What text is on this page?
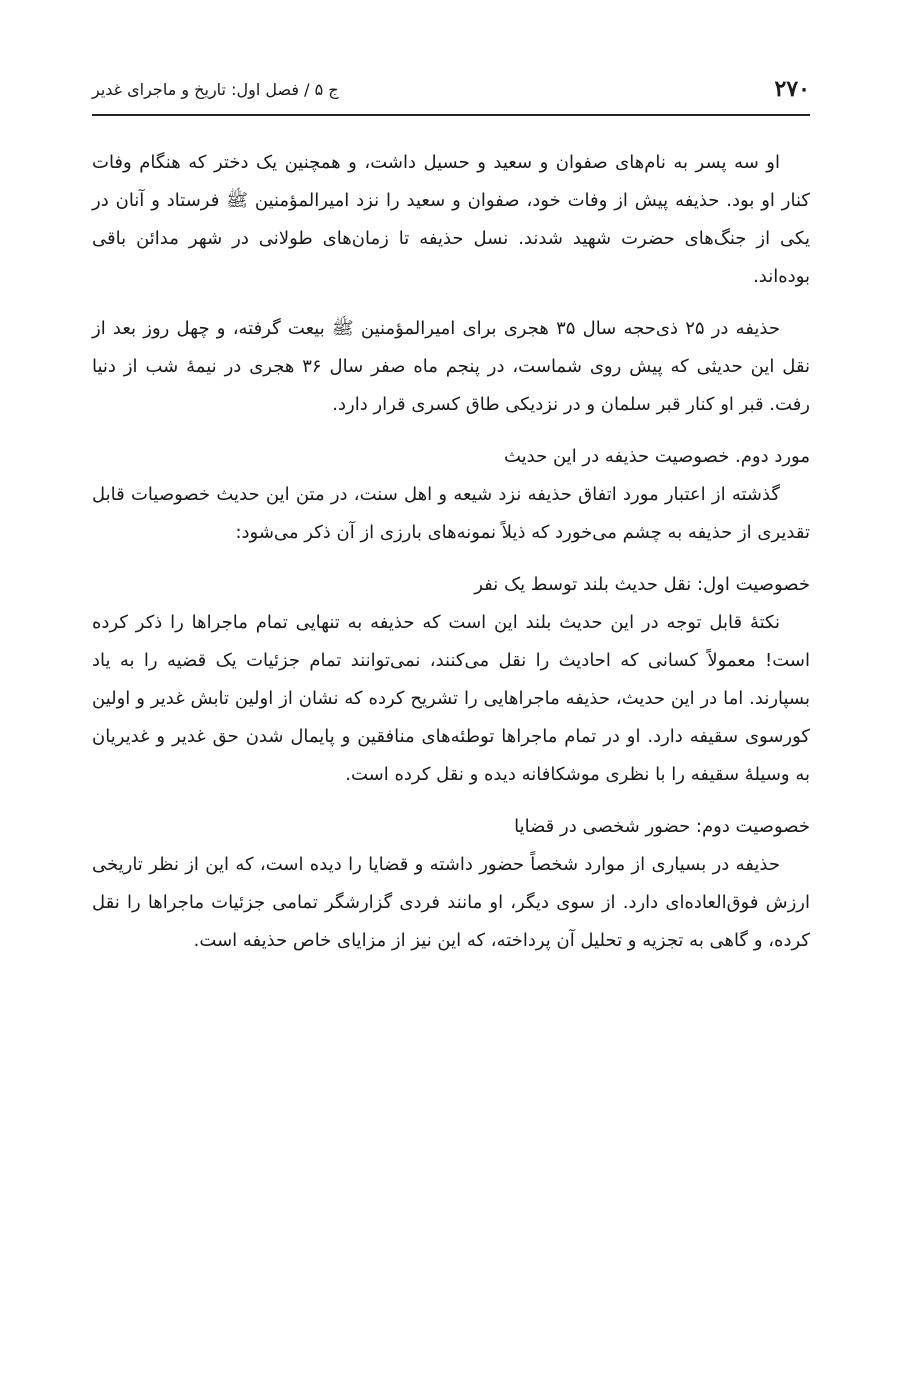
۲۷۰
ج ۵ / فصل اول: تاریخ و ماجرای غدیر

او سه پسر به نام‌های صفوان و سعید و حسیل داشت، و همچنین یک دختر که هنگام وفات کنار او بود. حذیفه پیش از وفات خود، صفوان و سعید را نزد امیرالمؤمنین ﷺ فرستاد و آنان در یکی از جنگ‌های حضرت شهید شدند. نسل حذیفه تا زمان‌های طولانی در شهر مدائن باقی بوده‌اند.

حذیفه در ۲۵ ذی‌حجه سال ۳۵ هجری برای امیرالمؤمنین ﷺ بیعت گرفته، و چهل روز بعد از نقل این حدیثی که پیش روی شماست، در پنجم ماه صفر سال ۳۶ هجری در نیمهٔ شب از دنیا رفت. قبر او کنار قبر سلمان و در نزدیکی طاق کسری قرار دارد.

مورد دوم. خصوصیت حذیفه در این حدیث

گذشته از اعتبار مورد اتفاق حذیفه نزد شیعه و اهل سنت، در متن این حدیث خصوصیات قابل تقدیری از حذیفه به چشم می‌خورد که ذیلاً نمونه‌های بارزی از آن ذکر می‌شود:

خصوصیت اول: نقل حدیث بلند توسط یک نفر

نکتهٔ قابل توجه در این حدیث بلند این است که حذیفه به تنهایی تمام ماجراها را ذکر کرده است! معمولاً کسانی که احادیث را نقل می‌کنند، نمی‌توانند تمام جزئیات یک قضیه را به یاد بسپارند. اما در این حدیث، حذیفه ماجراهایی را تشریح کرده که نشان از اولین تابش غدیر و اولین کورسوی سقیفه دارد. او در تمام ماجراها توطئه‌های منافقین و پایمال شدن حق غدیر و غدیریان به وسیلهٔ سقیفه را با نظری موشکافانه دیده و نقل کرده است.

خصوصیت دوم: حضور شخصی در قضایا

حذیفه در بسیاری از موارد شخصاً حضور داشته و قضایا را دیده است، که این از نظر تاریخی ارزش فوق‌العاده‌ای دارد. از سوی دیگر، او مانند فردی گزارشگر تمامی جزئیات ماجراها را نقل کرده، و گاهی به تجزیه و تحلیل آن پرداخته، که این نیز از مزایای خاص حذیفه است.
